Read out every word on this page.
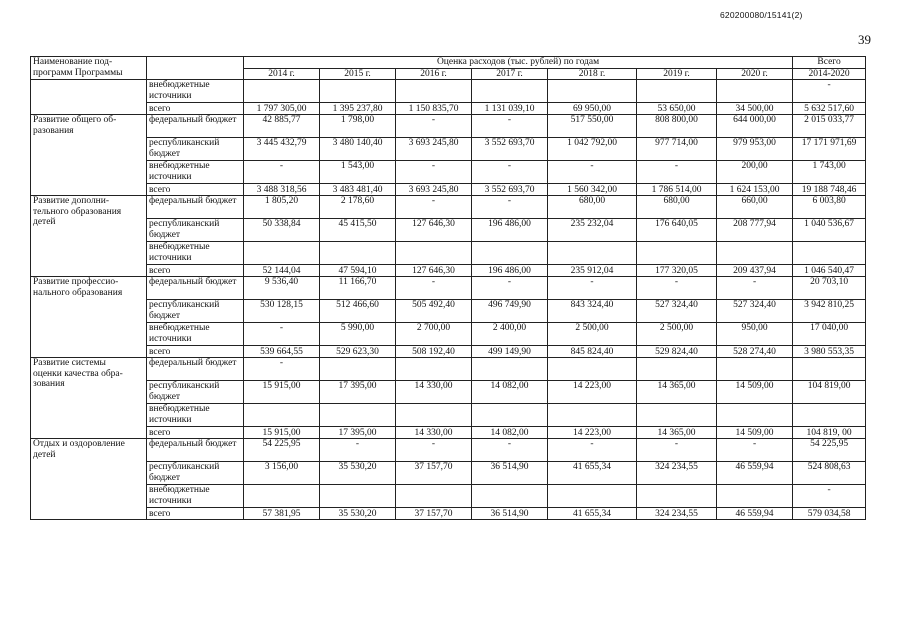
620200080/15141(2)
39
Наименование под-
программ Программы		Оценка расходов (тыс. рублей) по годам							Всего
		2014 г.	2015 г.	2016 г.	2017 г.	2018 г.	2019 г.	2020 г.	2014-2020
	внебюджетные источники								-
	всего	1 797 305,00	1 395 237,80	1 150 835,70	1 131 039,10	69 950,00	53 650,00	34 500,00	5 632 517,60
Развитие общего об-
разования	федеральный бюджет	42 885,77	1 798,00	-	-	517 550,00	808 800,00	644 000,00	2 015 033,77
	республиканский бюджет	3 445 432,79	3 480 140,40	3 693 245,80	3 552 693,70	1 042 792,00	977 714,00	979 953,00	17 171 971,69
	внебюджетные источники	-	1 543,00	-	-	-	-	200,00	1 743,00
	всего	3 488 318,56	3 483 481,40	3 693 245,80	3 552 693,70	1 560 342,00	1 786 514,00	1 624 153,00	19 188 748,46
Развитие дополни-
тельного образования
детей	федеральный бюджет	1 805,20	2 178,60	-	-	680,00	680,00	660,00	6 003,80
	республиканский бюджет	50 338,84	45 415,50	127 646,30	196 486,00	235 232,04	176 640,05	208 777,94	1 040 536,67
	внебюджетные источники								
	всего	52 144,04	47 594,10	127 646,30	196 486,00	235 912,04	177 320,05	209 437,94	1 046 540,47
Развитие профессио-
нального образования	федеральный бюджет	9 536,40	11 166,70	-	-	-	-	-	20 703,10
	республиканский бюджет	530 128,15	512 466,60	505 492,40	496 749,90	843 324,40	527 324,40	527 324,40	3 942 810,25
	внебюджетные источники	-	5 990,00	2 700,00	2 400,00	2 500,00	2 500,00	950,00	17 040,00
	всего	539 664,55	529 623,30	508 192,40	499 149,90	845 824,40	529 824,40	528 274,40	3 980 553,35
Развитие системы
оценки качества обра-
зования	федеральный бюджет	-							
	республиканский бюджет	15 915,00	17 395,00	14 330,00	14 082,00	14 223,00	14 365,00	14 509,00	104 819,00
	внебюджетные источники								
	всего	15 915,00	17 395,00	14 330,00	14 082,00	14 223,00	14 365,00	14 509,00	104 819, 00
Отдых и оздоровление
детей	федеральный бюджет	54 225,95	-	-	-	-	-	-	54 225,95
	республиканский бюджет	3 156,00	35 530,20	37 157,70	36 514,90	41 655,34	324 234,55	46 559,94	524 808,63
	внебюджетные источники								-
	всего	57 381,95	35 530,20	37 157,70	36 514,90	41 655,34	324 234,55	46 559,94	579 034,58
